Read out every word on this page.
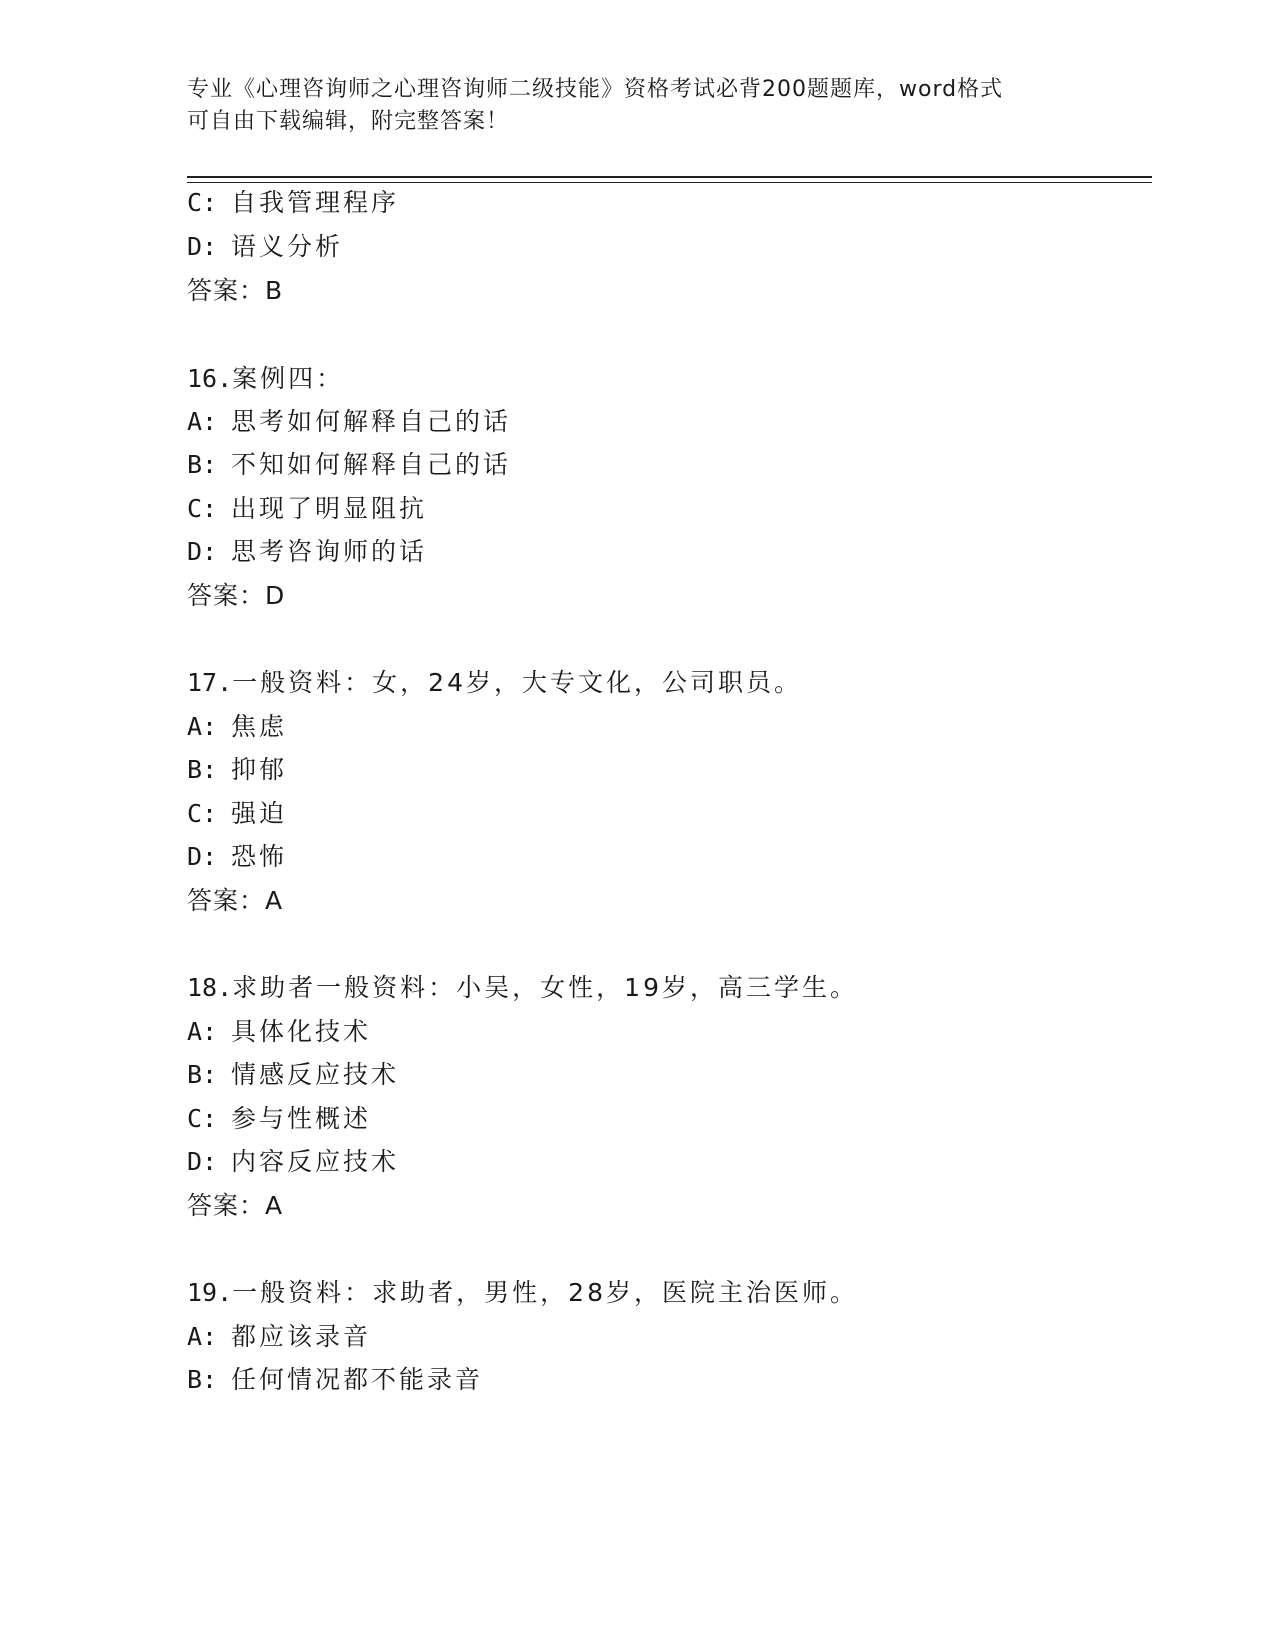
专业《心理咨询师之心理咨询师二级技能》资格考试必背200题题库，word格式
可自由下载编辑，附完整答案！
C: 自我管理程序
D: 语义分析
答案：B
16.案例四：
A: 思考如何解释自己的话
B: 不知如何解释自己的话
C: 出现了明显阻抗
D: 思考咨询师的话
答案：D
17.一般资料：女，24岁，大专文化，公司职员。
A: 焦虑
B: 抑郁
C: 强迫
D: 恐怖
答案：A
18.求助者一般资料：小吴，女性，19岁，高三学生。
A: 具体化技术
B: 情感反应技术
C: 参与性概述
D: 内容反应技术
答案：A
19.一般资料：求助者，男性，28岁，医院主治医师。
A: 都应该录音
B: 任何情况都不能录音
